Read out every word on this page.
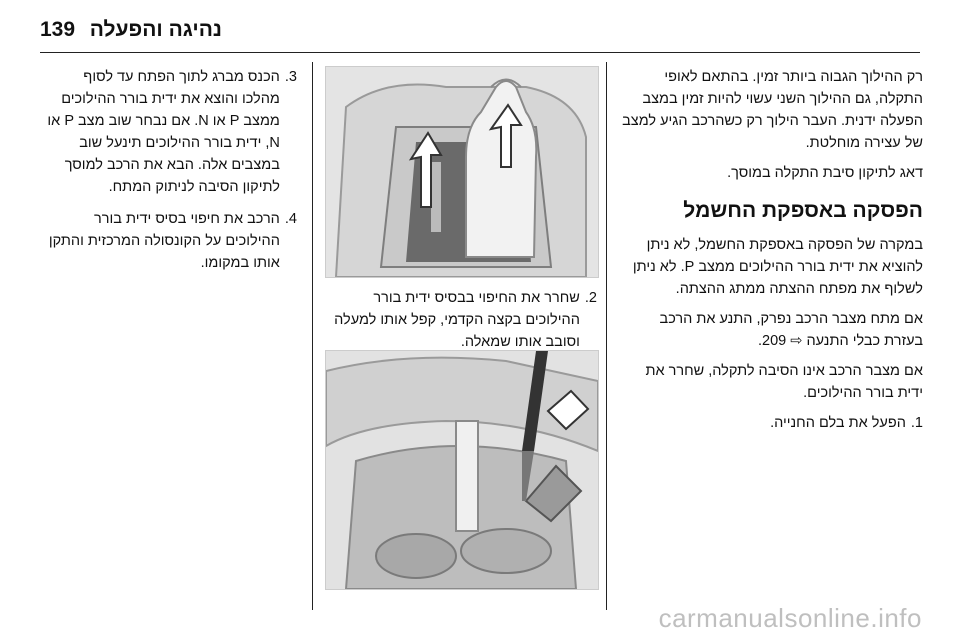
139 נהיגה והפעלה

רק ההילוך הגבוה ביותר זמין. בהתאם לאופי התקלה, גם ההילוך השני עשוי להיות זמין במצב הפעלה ידנית. העבר הילוך רק כשהרכב הגיע למצב של עצירה מוחלטת.

דאג לתיקון סיבת התקלה במוסך.

הפסקה באספקת החשמל

במקרה של הפסקה באספקת החשמל, לא ניתן להוציא את ידית בורר ההילוכים ממצב P. לא ניתן לשלוף את מפתח ההצתה ממתג ההצתה.

אם מתח מצבר הרכב נפרק, התנע את הרכב בעזרת כבלי התנעה ⇨ 209.

אם מצבר הרכב אינו הסיבה לתקלה, שחרר את ידית בורר ההילוכים.

1.
הפעל את בלם החנייה.
2.
שחרר את החיפוי בבסיס ידית בורר ההילוכים בקצה הקדמי, קפל אותו למעלה וסובב אותו שמאלה.
3.
הכנס מברג לתוך הפתח עד לסוף מהלכו והוצא את ידית בורר ההילוכים ממצב P או N. אם נבחר שוב מצב P או N, ידית בורר ההילוכים תינעל שוב במצבים אלה. הבא את הרכב למוסך לתיקון הסיבה לניתוק המתח.
4.
הרכב את חיפוי בסיס ידית בורר ההילוכים על הקונסולה המרכזית והתקן אותו במקומו.
carmanualsonline.info
